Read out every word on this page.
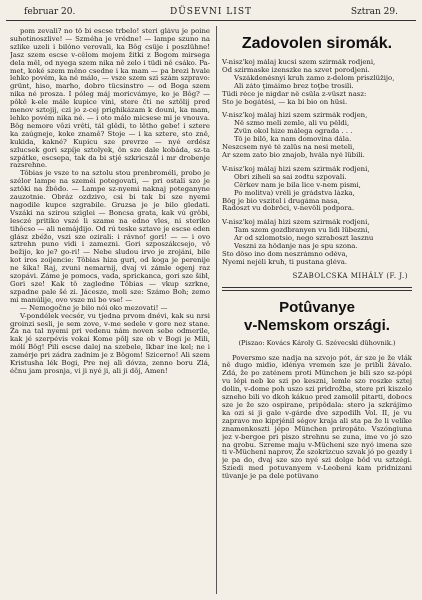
februar 20.	DÜSEVNI LIST	Sztran 29.

pom zevali? no tô bi escse trbelo! steri glávu je poine suhotinoszlive! — Szméha je vrédne! — lampe szuno na szlike uzeli i bilóno verovali, ka Bôg csüje i poszlühne! Jasz szem escse v-cêlom mojem žitki z Bogom mirsega dela mêl, od nyega szem nika nê zelo i tüdi nê csáko. Pa-met, koké szem mêno csedne i ka mam — pa brezi hvale lehko povém, ka né málo, — vsze szem szi szám szpravo: grünt, hiso, marho, dobro tücsinstro — od Boga szem nika né prosza. I póleg máj moricvámye, ko je Bôg? — pôkê k-ele mále kupice vini, stere čti ne sztôlij pred menov sztojij, czi jo z-cej prighikázam k douni, ka mam, lehko povém nika né. — i oto málo micsese mi je vnouva. Bôg nemore vôzi vrêti, tál glêdi, to lêtho gebe! i sztere ka zaúgneje, koke znamê? Stoje — i ka sztere, sto znê, kukida, kakné? Kupicu sze prevrze — nyé erdész szlucsek gori szpíje sztolyek, ôn sze dale kobáda, sz-ta szpátke, escsepa, tak da bi stjé szkricszál i mr drobenje razsrehne.

Tôbias je vsze to na sztolu stou prenbroméli, probo je szélor lampe na szeméi potegovati, — pri ostali szo je sztôki na žbôdo. — Lampe sz-nyemi naknaj poteganyne zauzotnie. Obráz ozdzivo, csi bi tak bi sze nyemi nagodile kupce szgrabile. Gruzsa je je bilo gledati. Vszáki na szirou sziglei — Boncsa grata, kak vú grôbi, lesczé pritiko vszé li szame na edno vles, ni steriko tihôcso — ali nemájdijo. Od rú teske sztave je escse eden glász zbéžo, vszi sze ozirali: i rávno! gori! — — i ovo sztrehn puno vidi i zamezni. Gori szposzákcsejo, vô bežijo, ko je? go-ri! — Nebe sludou irvo je zrojáni, bile kot iros zoijencie: Tôbias hiza guri, od koga je perenije ne šika! Raj, zvuni nemarnij, dvaj vi zámle ogenj raz szopávi. Záme je pomocs, vada, sprickanca, gori sze šibl, Gori sze! Kak tô zagledne Tôbias — vkup szrkne, szpadne pale šé zi. Jácesze, moli sze: Számo Boh; zemo mi manúlije, ovo vsze mi bo vse! —

— Nemogočne je bilo nói oko mezovati! —

V-pondélek vecsér, vu tjedna prvom dnévi, kak su nrsi groinzi sesli, je sem zove, v-me sedele v gore nez stane. Za na tal nyemi pri vedenu nám noven sebe odmerile, kak jé szerpévis vokai Kome pôlj sze ob v Bogi je Mili, mólí Bôg! Pili escse dalej na szebele, lkbar ine kel; ne i zamérje pri zádra zadnim je z Bôgom! Szicerno! Ali szem Kristusha lék Bogi, Pre nej ali dóvza, zenno boru Zlá, éčnu jam prosnja, vi ji nyé ji, ali ji dôj, Amen!

Zadovolen siromák.
V-nisz'koj málaj kucsi szem szirmák rodjeni,
Od szirmaske izenszke na szvet porodjeni.
Vszákdenésnyi kruh zamo z-delom priszlüžijo,
Ali záto ţimáimo brez toţbe trosili.
Tüdi réce je nigdar nê csüla z-vüszt nasz:
Sto je bogátési, — ka bi bio on hüsi.
V-nisz'koj málaj hizi szem szirmák rodjen,
Nê szmo meli zemle, ali vu pêldi,
Zvün okol hize málega ograda . . .
Tô je bilô, ka nam domovina dála.
Neszcsem nyé té zalüs na nesi meteli,
Ár szem zato bio znajob, hvála nyé lübili.
V-nisz'koj málaj hizi szem szirmák rodjeni,
Obri ziheli sa sai zodtu szpovali.
Cěrkev nam je bila lice v-nem pismi,
Po molitva) vréli je grádstva lázka,
Bôg je bio vszitel i drugáma nasa,
Radoszt vu dobrôci, v-nevôli podpora.
V-nisz'koj málaj hizi szem szirmák rodjeni,
Tam szem gozdbranyen vu lidi lübezni,
Ár od szlomotsio, nego szraboszt lasznu
Veszni za hôdanje nas je spu szona.
Sto dôso ino dom neszrámno odéva,
Nyemi nejéli kruh, ti pustana gléva.
SZABOLCSKA MIHÁLY (F. J.)
Potûvanye
v-Nemskom országi.
(Piszao: Kovács Károly G. Szévecski dühovnik.)

Poversmo sze nadja na szvojo pót, ár sze je že vlák nê dugo midio, idénya vremen sze je pribli žávalo. Zdá, že po zaténem proti München je bili szo sz-pópi vu lépi neb ke szi po keszni, lemle szo roszke sztej dolin, v-dome poh uszo szi pridrožba, stere pri kiszelo szneho bili vo dkoh kákuo pred zamolil pitarti, dobocs sze je že szo ospirane, pripôdala: stero ja szkrájimo ka ozi si ji gale v-gárde dve szpodilh Vol. II, je vu zapravo mo kiprjénil ségov kraja ali sta pa že li velíke znamenkoszti jépo München priropáto. Vszóngiuna jez v-bergoe pri piszo strehnu se zuna, ime vo jó szo na grobu. Szreme maju v-Mücheni sze nyó imena sze ti v-Mücheni naprov, Ze szokrizcuo szvak jó po gezdy i je pa do, dvaj sze szo nyé szi dolge bôd vu sztzégi. Sziedi med potuvanyem v-Leobeni kam pridnizani tüvanje je pa dele potüvano
